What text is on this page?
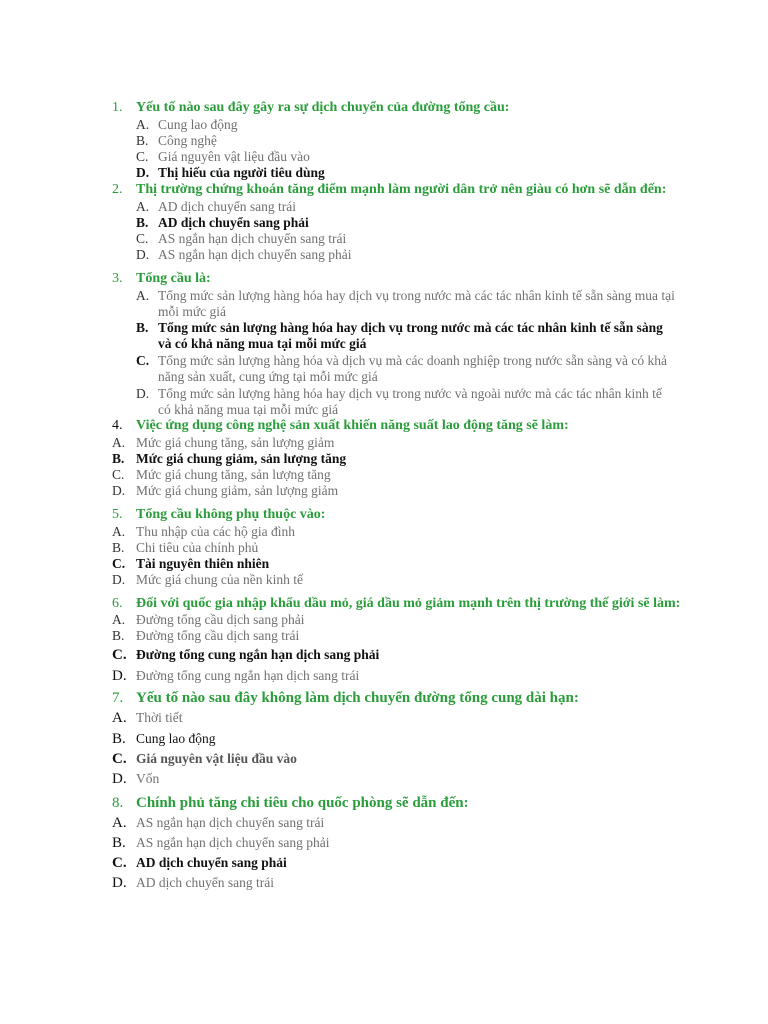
1. Yếu tố nào sau đây gây ra sự dịch chuyển của đường tổng cầu:
A. Cung lao động
B. Công nghệ
C. Giá nguyên vật liệu đầu vào
D. Thị hiếu của người tiêu dùng
2. Thị trường chứng khoán tăng điểm mạnh làm người dân trở nên giàu có hơn sẽ dẫn đến:
A. AD dịch chuyển sang trái
B. AD dịch chuyển sang phải
C. AS ngắn hạn dịch chuyển sang trái
D. AS ngắn hạn dịch chuyển sang phải
3. Tổng cầu là:
A. Tổng mức sản lượng hàng hóa hay dịch vụ trong nước mà các tác nhân kinh tế sẵn sàng mua tại mỗi mức giá
B. Tổng mức sản lượng hàng hóa hay dịch vụ trong nước mà các tác nhân kinh tế sẵn sàng và có khả năng mua tại mỗi mức giá
C. Tổng mức sản lượng hàng hóa và dịch vụ mà các doanh nghiệp trong nước sẵn sàng và có khả năng sản xuất, cung ứng tại mỗi mức giá
D. Tổng mức sản lượng hàng hóa hay dịch vụ trong nước và ngoài nước mà các tác nhân kinh tế có khả năng mua tại mỗi mức giá
4. Việc ứng dụng công nghệ sản xuất khiến năng suất lao động tăng sẽ làm:
A. Mức giá chung tăng, sản lượng giảm
B. Mức giá chung giảm, sản lượng tăng
C. Mức giá chung tăng, sản lượng tăng
D. Mức giá chung giảm, sản lượng giảm
5. Tổng cầu không phụ thuộc vào:
A. Thu nhập của các hộ gia đình
B. Chi tiêu của chính phủ
C. Tài nguyên thiên nhiên
D. Mức giá chung của nền kinh tế
6. Đối với quốc gia nhập khẩu dầu mỏ, giá dầu mỏ giảm mạnh trên thị trường thế giới sẽ làm:
A. Đường tổng cầu dịch sang phải
B. Đường tổng cầu dịch sang trái
C. Đường tổng cung ngắn hạn dịch sang phải
D. Đường tổng cung ngắn hạn dịch sang trái
7. Yếu tố nào sau đây không làm dịch chuyển đường tổng cung dài hạn:
A. Thời tiết
B. Cung lao động
C. Giá nguyên vật liệu đầu vào
D. Vốn
8. Chính phủ tăng chi tiêu cho quốc phòng sẽ dẫn đến:
A. AS ngắn hạn dịch chuyển sang trái
B. AS ngắn hạn dịch chuyển sang phải
C. AD dịch chuyển sang phải
D. AD dịch chuyển sang trái
